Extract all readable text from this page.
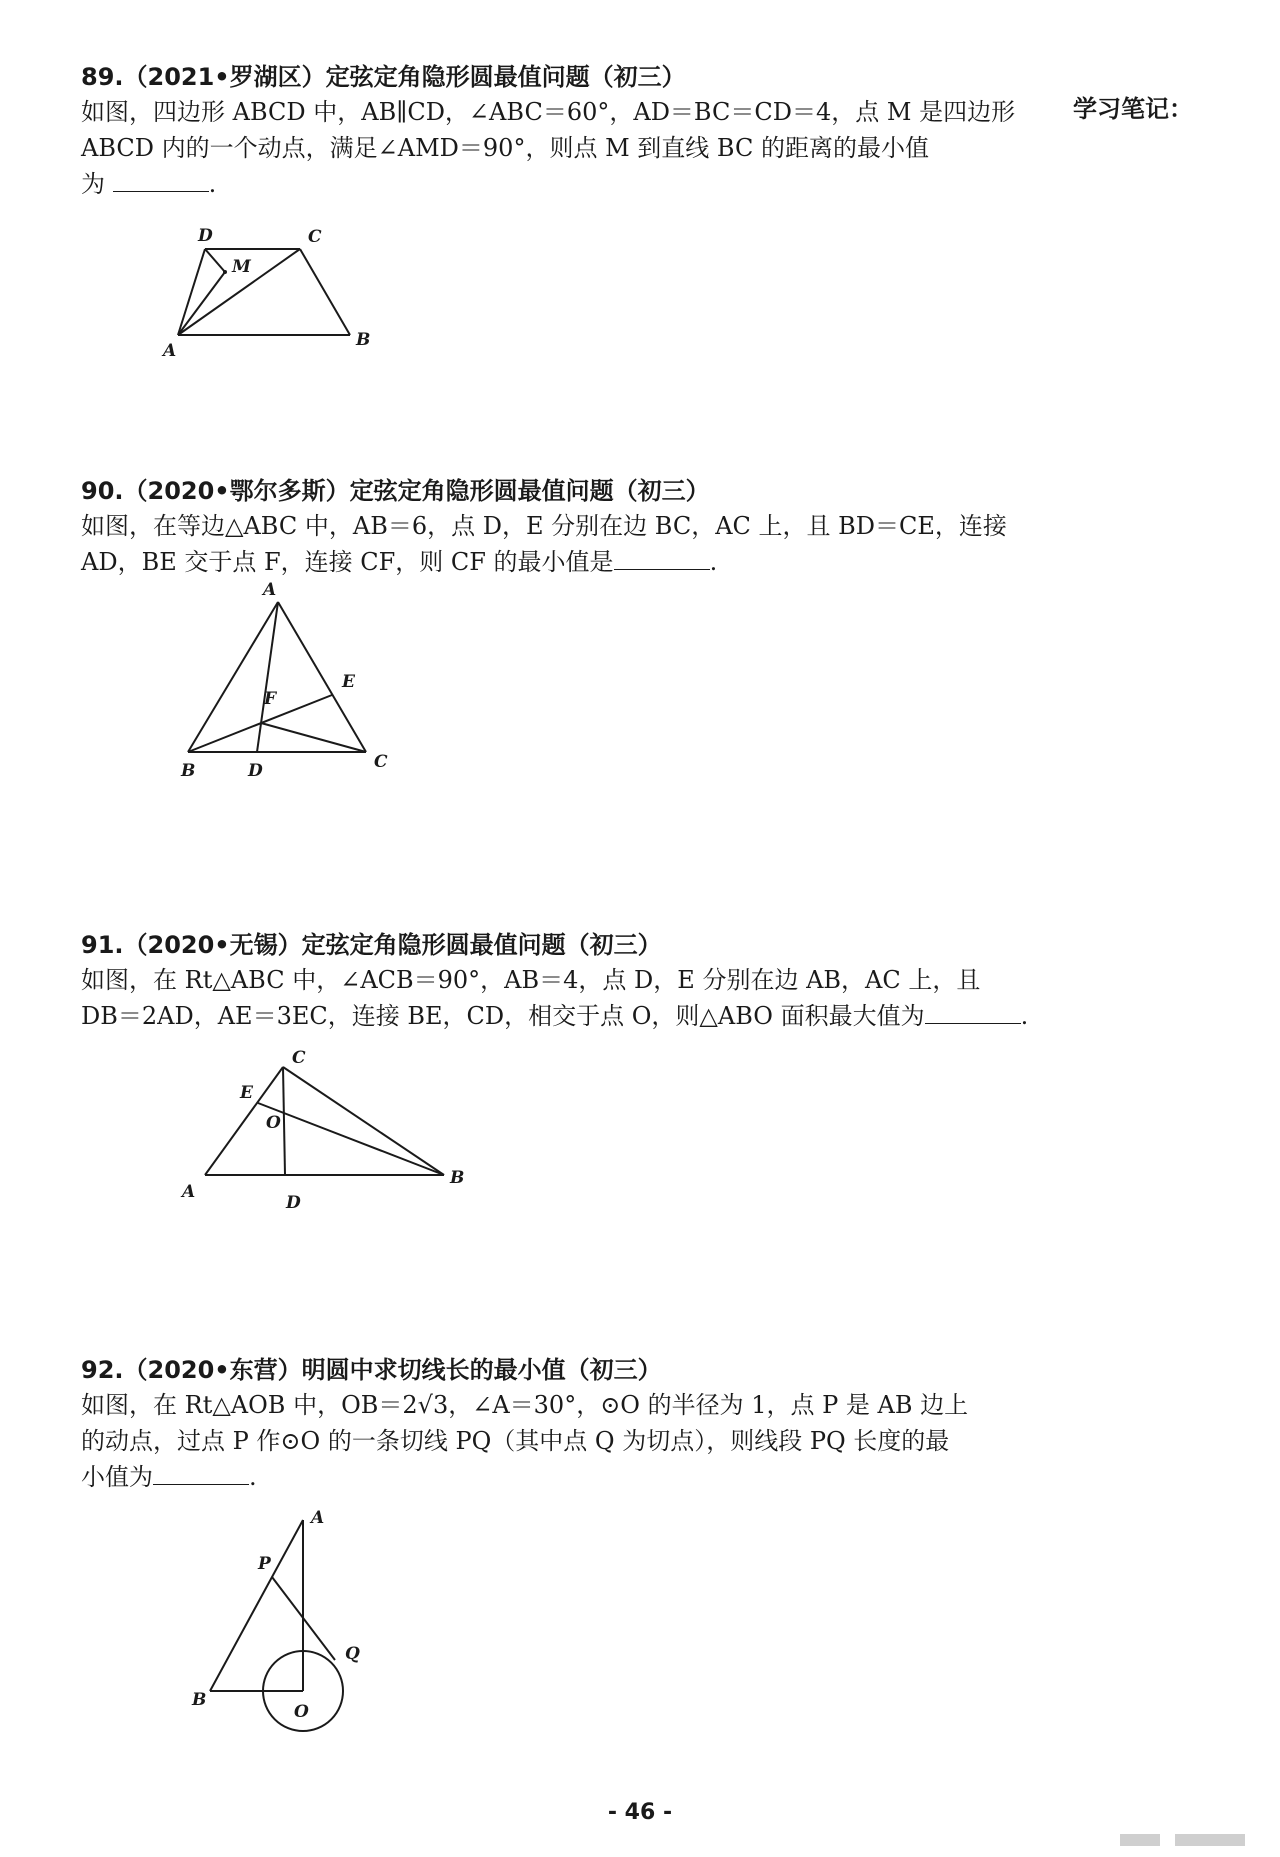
89.（2021•罗湖区）定弦定角隐形圆最值问题（初三）
如图，四边形 ABCD 中，AB∥CD，∠ABC＝60°，AD＝BC＝CD＝4，点 M 是四边形
ABCD 内的一个动点，满足∠AMD＝90°，则点 M 到直线 BC 的距离的最小值
为	.
D	C
M
A
B
90.（2020•鄂尔多斯）定弦定角隐形圆最值问题（初三）
如图，在等边△ABC 中，AB＝6，点 D，E 分别在边 BC，AC 上，且 BD＝CE，连接
AD，BE 交于点 F，连接 CF，则 CF 的最小值是	.
A
E
F
B	D	C
91.（2020•无锡）定弦定角隐形圆最值问题（初三）
如图，在 Rt△ABC 中，∠ACB＝90°，AB＝4，点 D，E 分别在边 AB，AC 上，且
DB＝2AD，AE＝3EC，连接 BE，CD，相交于点 O，则△ABO 面积最大值为	.
C
E
O
A
D
B
92.（2020•东营）明圆中求切线长的最小值（初三）
如图，在 Rt△AOB 中，OB＝2√3，∠A＝30°，⊙O 的半径为 1，点 P 是 AB 边上
的动点，过点 P 作⊙O 的一条切线 PQ（其中点 Q 为切点），则线段 PQ 长度的最
小值为	.
A
P
Q
B
O
学习笔记：
- 46 -
